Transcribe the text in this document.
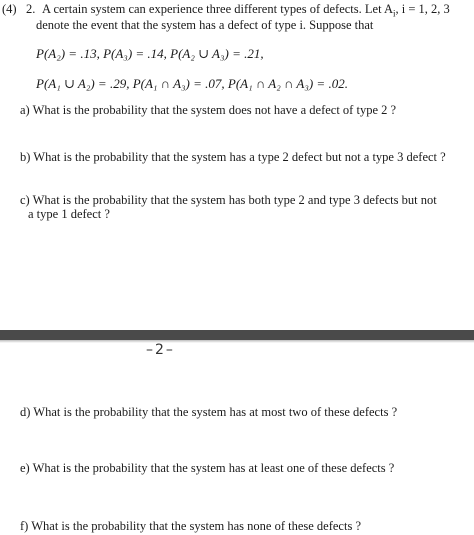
(4) 2. A certain system can experience three different types of defects. Let $A_i$, i = 1, 2, 3
denote the event that the system has a defect of type i. Suppose that
P(A₂) = .13, P(A₃) = .14, P(A₂ ∪ A₃) = .21,
P(A₁ ∪ A₂) = .29, P(A₁ ∩ A₃) = .07, P(A₁ ∩ A₂ ∩ A₃) = .02.
a) What is the probability that the system does not have a defect of type 2 ?
b) What is the probability that the system has a type 2 defect but not a type 3 defect ?
c) What is the probability that the system has both type 2 and type 3 defects but not
a type 1 defect ?
–2–
d) What is the probability that the system has at most two of these defects ?
e) What is the probability that the system has at least one of these defects ?
f) What is the probability that the system has none of these defects ?
